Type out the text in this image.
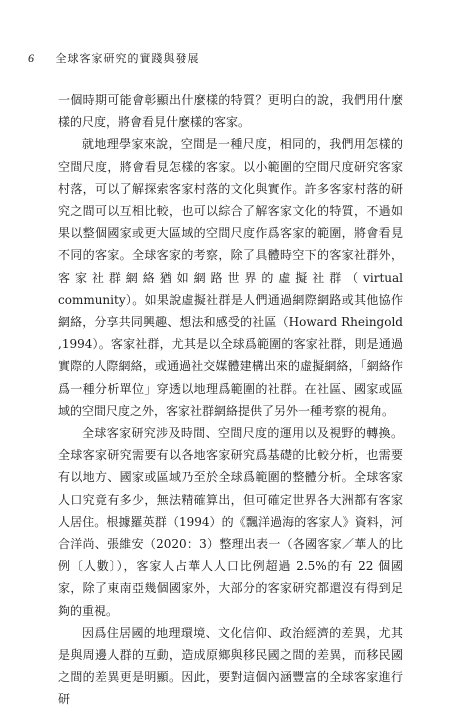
6 全球客家研究的實踐與發展

一個時期可能會彰顯出什麼樣的特質？更明白的說，我們用什麼樣的尺度，將會看見什麼樣的客家。

就地理學家來說，空間是一種尺度，相同的，我們用怎樣的空間尺度，將會看見怎樣的客家。以小範圍的空間尺度研究客家村落，可以了解探索客家村落的文化與實作。許多客家村落的研究之間可以互相比較，也可以綜合了解客家文化的特質，不過如果以整個國家或更大區域的空間尺度作爲客家的範圍，將會看見不同的客家。全球客家的考察，除了具體時空下的客家社群外，客家社群網絡猶如網路世界的虛擬社群（virtual community）。如果說虛擬社群是人們通過網際網路或其他協作網絡，分享共同興趣、想法和感受的社區（Howard Rheingold ,1994）。客家社群，尤其是以全球爲範圍的客家社群，則是通過實際的人際網絡，或通過社交媒體建構出來的虛擬網絡，「網絡作爲一種分析單位」穿透以地理爲範圍的社群。在社區、國家或區域的空間尺度之外，客家社群網絡提供了另外一種考察的視角。

全球客家研究涉及時間、空間尺度的運用以及視野的轉換。全球客家研究需要有以各地客家研究爲基礎的比較分析，也需要有以地方、國家或區域乃至於全球爲範圍的整體分析。全球客家人口究竟有多少，無法精確算出，但可確定世界各大洲都有客家人居住。根據羅英群（1994）的《飄洋過海的客家人》資料，河合洋尚、張維安（2020：3）整理出表一（各國客家／華人的比例〔人數〕），客家人占華人人口比例超過 2.5%的有 22 個國家，除了東南亞幾個國家外，大部分的客家研究都還沒有得到足夠的重視。

因爲住居國的地理環境、文化信仰、政治經濟的差異，尤其是與周邊人群的互動，造成原鄉與移民國之間的差異，而移民國之間的差異更是明顯。因此，要對這個內涵豐富的全球客家進行研
